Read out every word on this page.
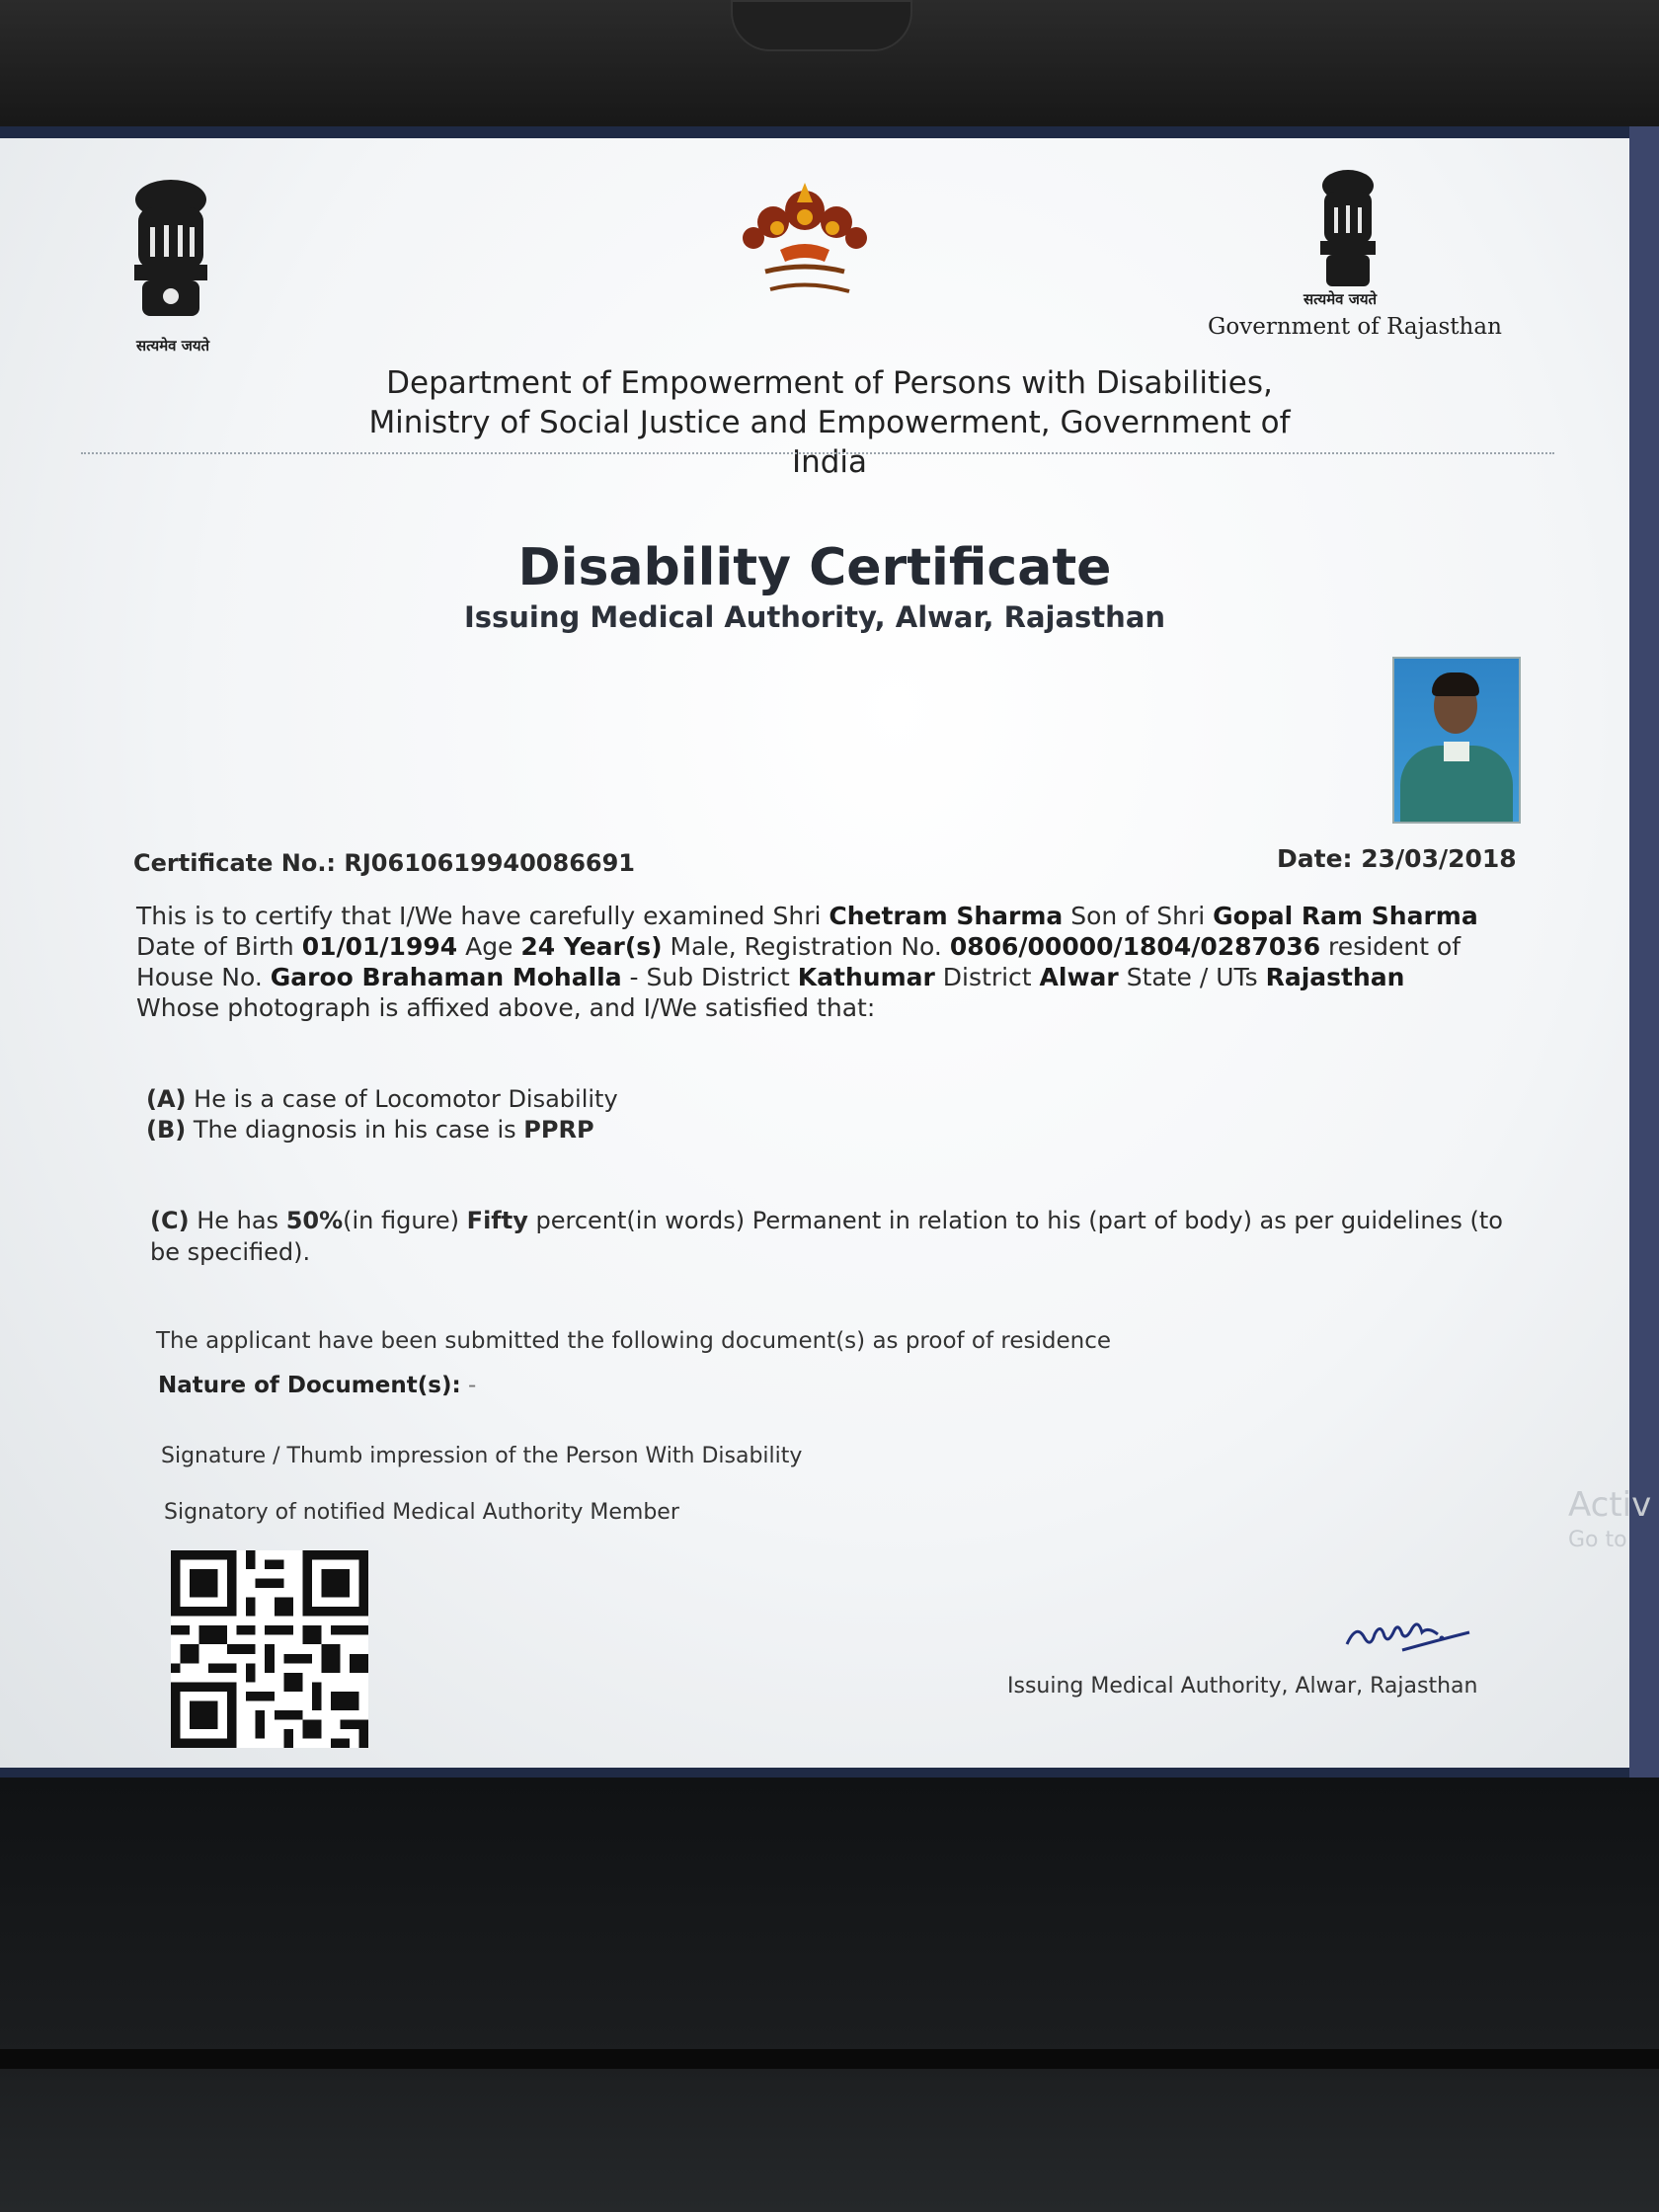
सत्यमेव जयते
सत्यमेव जयते
Government of Rajasthan
Department of Empowerment of Persons with Disabilities,
Ministry of Social Justice and Empowerment, Government of India
Disability Certificate
Issuing Medical Authority, Alwar, Rajasthan
Certificate No.: RJ0610619940086691	Date: 23/03/2018
This is to certify that I/We have carefully examined Shri Chetram Sharma Son of Shri Gopal Ram Sharma Date of Birth 01/01/1994 Age 24 Year(s) Male, Registration No. 0806/00000/1804/0287036 resident of House No. Garoo Brahaman Mohalla - Sub District Kathumar District Alwar State / UTs Rajasthan
Whose photograph is affixed above, and I/We satisfied that:
(A) He is a case of Locomotor Disability
(B) The diagnosis in his case is PPRP
(C) He has 50%(in figure) Fifty percent(in words) Permanent in relation to his (part of body) as per guidelines (to be specified).
The applicant have been submitted the following document(s) as proof of residence
Nature of Document(s): -
Signature / Thumb impression of the Person With Disability
Signatory of notified Medical Authority Member
Issuing Medical Authority, Alwar, Rajasthan
Activ
Go to
